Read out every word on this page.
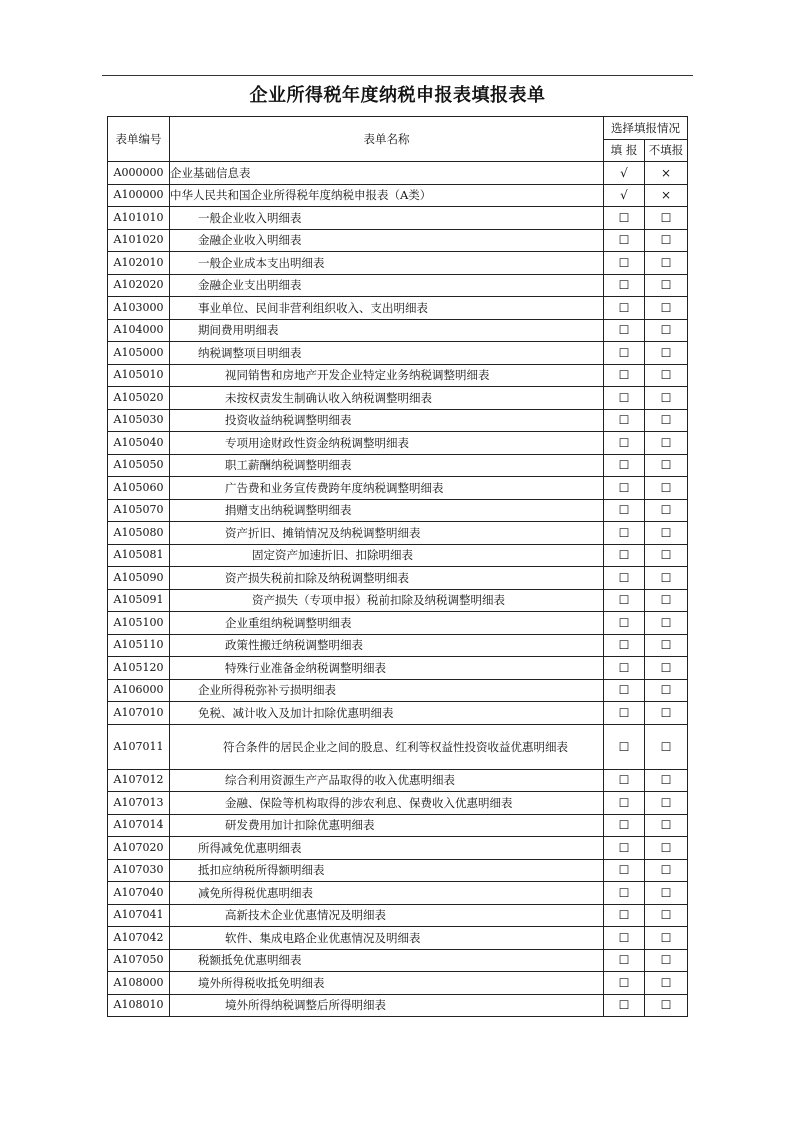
企业所得税年度纳税申报表填报表单
表单编号	表单名称	选择填报情况	
		填 报	不填报
A000000	企业基础信息表	√	×
A100000	中华人民共和国企业所得税年度纳税申报表（A类）	√	×
A101010	一般企业收入明细表	☐	☐
A101020	金融企业收入明细表	☐	☐
A102010	一般企业成本支出明细表	☐	☐
A102020	金融企业支出明细表	☐	☐
A103000	事业单位、民间非营利组织收入、支出明细表	☐	☐
A104000	期间费用明细表	☐	☐
A105000	纳税调整项目明细表	☐	☐
A105010	视同销售和房地产开发企业特定业务纳税调整明细表	☐	☐
A105020	未按权责发生制确认收入纳税调整明细表	☐	☐
A105030	投资收益纳税调整明细表	☐	☐
A105040	专项用途财政性资金纳税调整明细表	☐	☐
A105050	职工薪酬纳税调整明细表	☐	☐
A105060	广告费和业务宣传费跨年度纳税调整明细表	☐	☐
A105070	捐赠支出纳税调整明细表	☐	☐
A105080	资产折旧、摊销情况及纳税调整明细表	☐	☐
A105081	固定资产加速折旧、扣除明细表	☐	☐
A105090	资产损失税前扣除及纳税调整明细表	☐	☐
A105091	资产损失（专项申报）税前扣除及纳税调整明细表	☐	☐
A105100	企业重组纳税调整明细表	☐	☐
A105110	政策性搬迁纳税调整明细表	☐	☐
A105120	特殊行业准备金纳税调整明细表	☐	☐
A106000	企业所得税弥补亏损明细表	☐	☐
A107010	免税、减计收入及加计扣除优惠明细表	☐	☐
A107011	符合条件的居民企业之间的股息、红利等权益性投资收益优惠明细表	☐	☐
A107012	综合利用资源生产产品取得的收入优惠明细表	☐	☐
A107013	金融、保险等机构取得的涉农利息、保费收入优惠明细表	☐	☐
A107014	研发费用加计扣除优惠明细表	☐	☐
A107020	所得减免优惠明细表	☐	☐
A107030	抵扣应纳税所得额明细表	☐	☐
A107040	减免所得税优惠明细表	☐	☐
A107041	高新技术企业优惠情况及明细表	☐	☐
A107042	软件、集成电路企业优惠情况及明细表	☐	☐
A107050	税额抵免优惠明细表	☐	☐
A108000	境外所得税收抵免明细表	☐	☐
A108010	境外所得纳税调整后所得明细表	☐	☐
